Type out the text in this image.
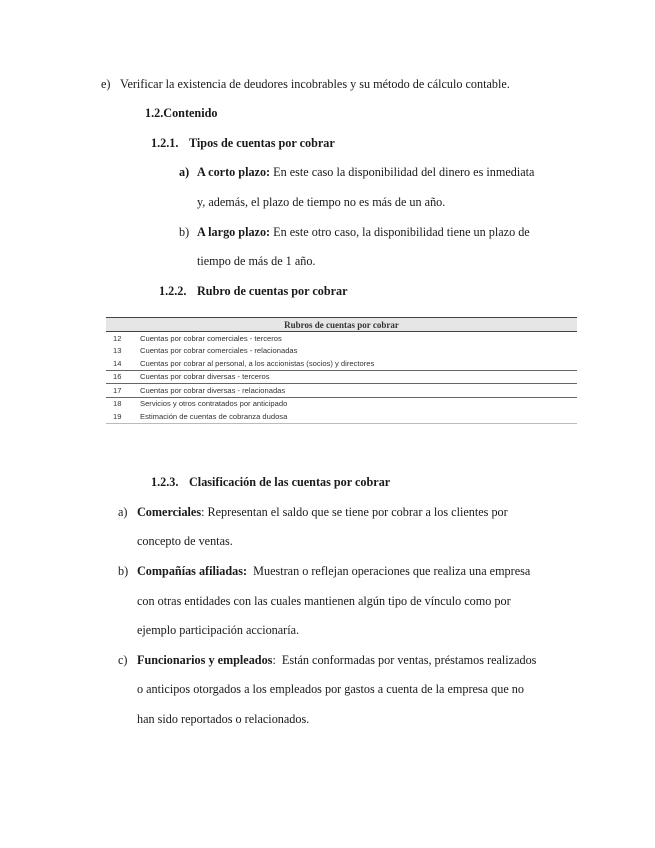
e) Verificar la existencia de deudores incobrables y su método de cálculo contable.
1.2.Contenido
1.2.1. Tipos de cuentas por cobrar
a) A corto plazo: En este caso la disponibilidad del dinero es inmediata
y, además, el plazo de tiempo no es más de un año.
b) A largo plazo: En este otro caso, la disponibilidad tiene un plazo de
tiempo de más de 1 año.
1.2.2. Rubro de cuentas por cobrar
Rubros de cuentas por cobrar	
12	Cuentas por cobrar comerciales - terceros
13	Cuentas por cobrar comerciales - relacionadas
14	Cuentas por cobrar al personal, a los accionistas (socios) y directores
16	Cuentas por cobrar diversas - terceros
17	Cuentas por cobrar diversas - relacionadas
18	Servicios y otros contratados por anticipado
19	Estimación de cuentas de cobranza dudosa
1.2.3. Clasificación de las cuentas por cobrar
a) Comerciales: Representan el saldo que se tiene por cobrar a los clientes por
concepto de ventas.
b) Compañías afiliadas:  Muestran o reflejan operaciones que realiza una empresa
con otras entidades con las cuales mantienen algún tipo de vínculo como por
ejemplo participación accionaría.
c) Funcionarios y empleados:  Están conformadas por ventas, préstamos realizados
o anticipos otorgados a los empleados por gastos a cuenta de la empresa que no
han sido reportados o relacionados.
